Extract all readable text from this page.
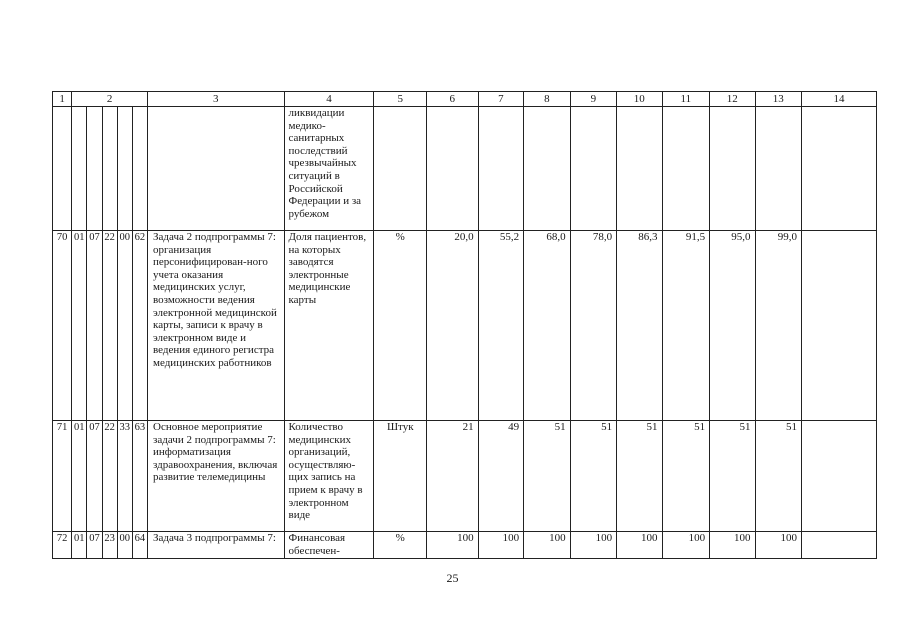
1	2					3	4	5	6	7	8	9	10	11	12	13	14
							ликвидации медико-санитарных последствий чрезвычайных ситуаций в Российской Федерации и за рубежом										
70	01	07	22	00	62	Задача 2 подпрограммы 7: организация персонифицирован-ного учета оказания медицинских услуг, возможности ведения электронной медицинской карты, записи к врачу в электронном виде и ведения единого регистра медицинских работников	Доля пациентов, на которых заводятся электронные медицинские карты	%	20,0	55,2	68,0	78,0	86,3	91,5	95,0	99,0	
71	01	07	22	33	63	Основное мероприятие задачи 2 подпрограммы 7: информатизация здравоохранения, включая развитие телемедицины	Количество медицинских организаций, осуществляю-щих запись на прием к врачу в электронном виде	Штук	21	49	51	51	51	51	51	51	
72	01	07	23	00	64	Задача 3 подпрограммы 7:	Финансовая обеспечен-	%	100	100	100	100	100	100	100	100	
25
